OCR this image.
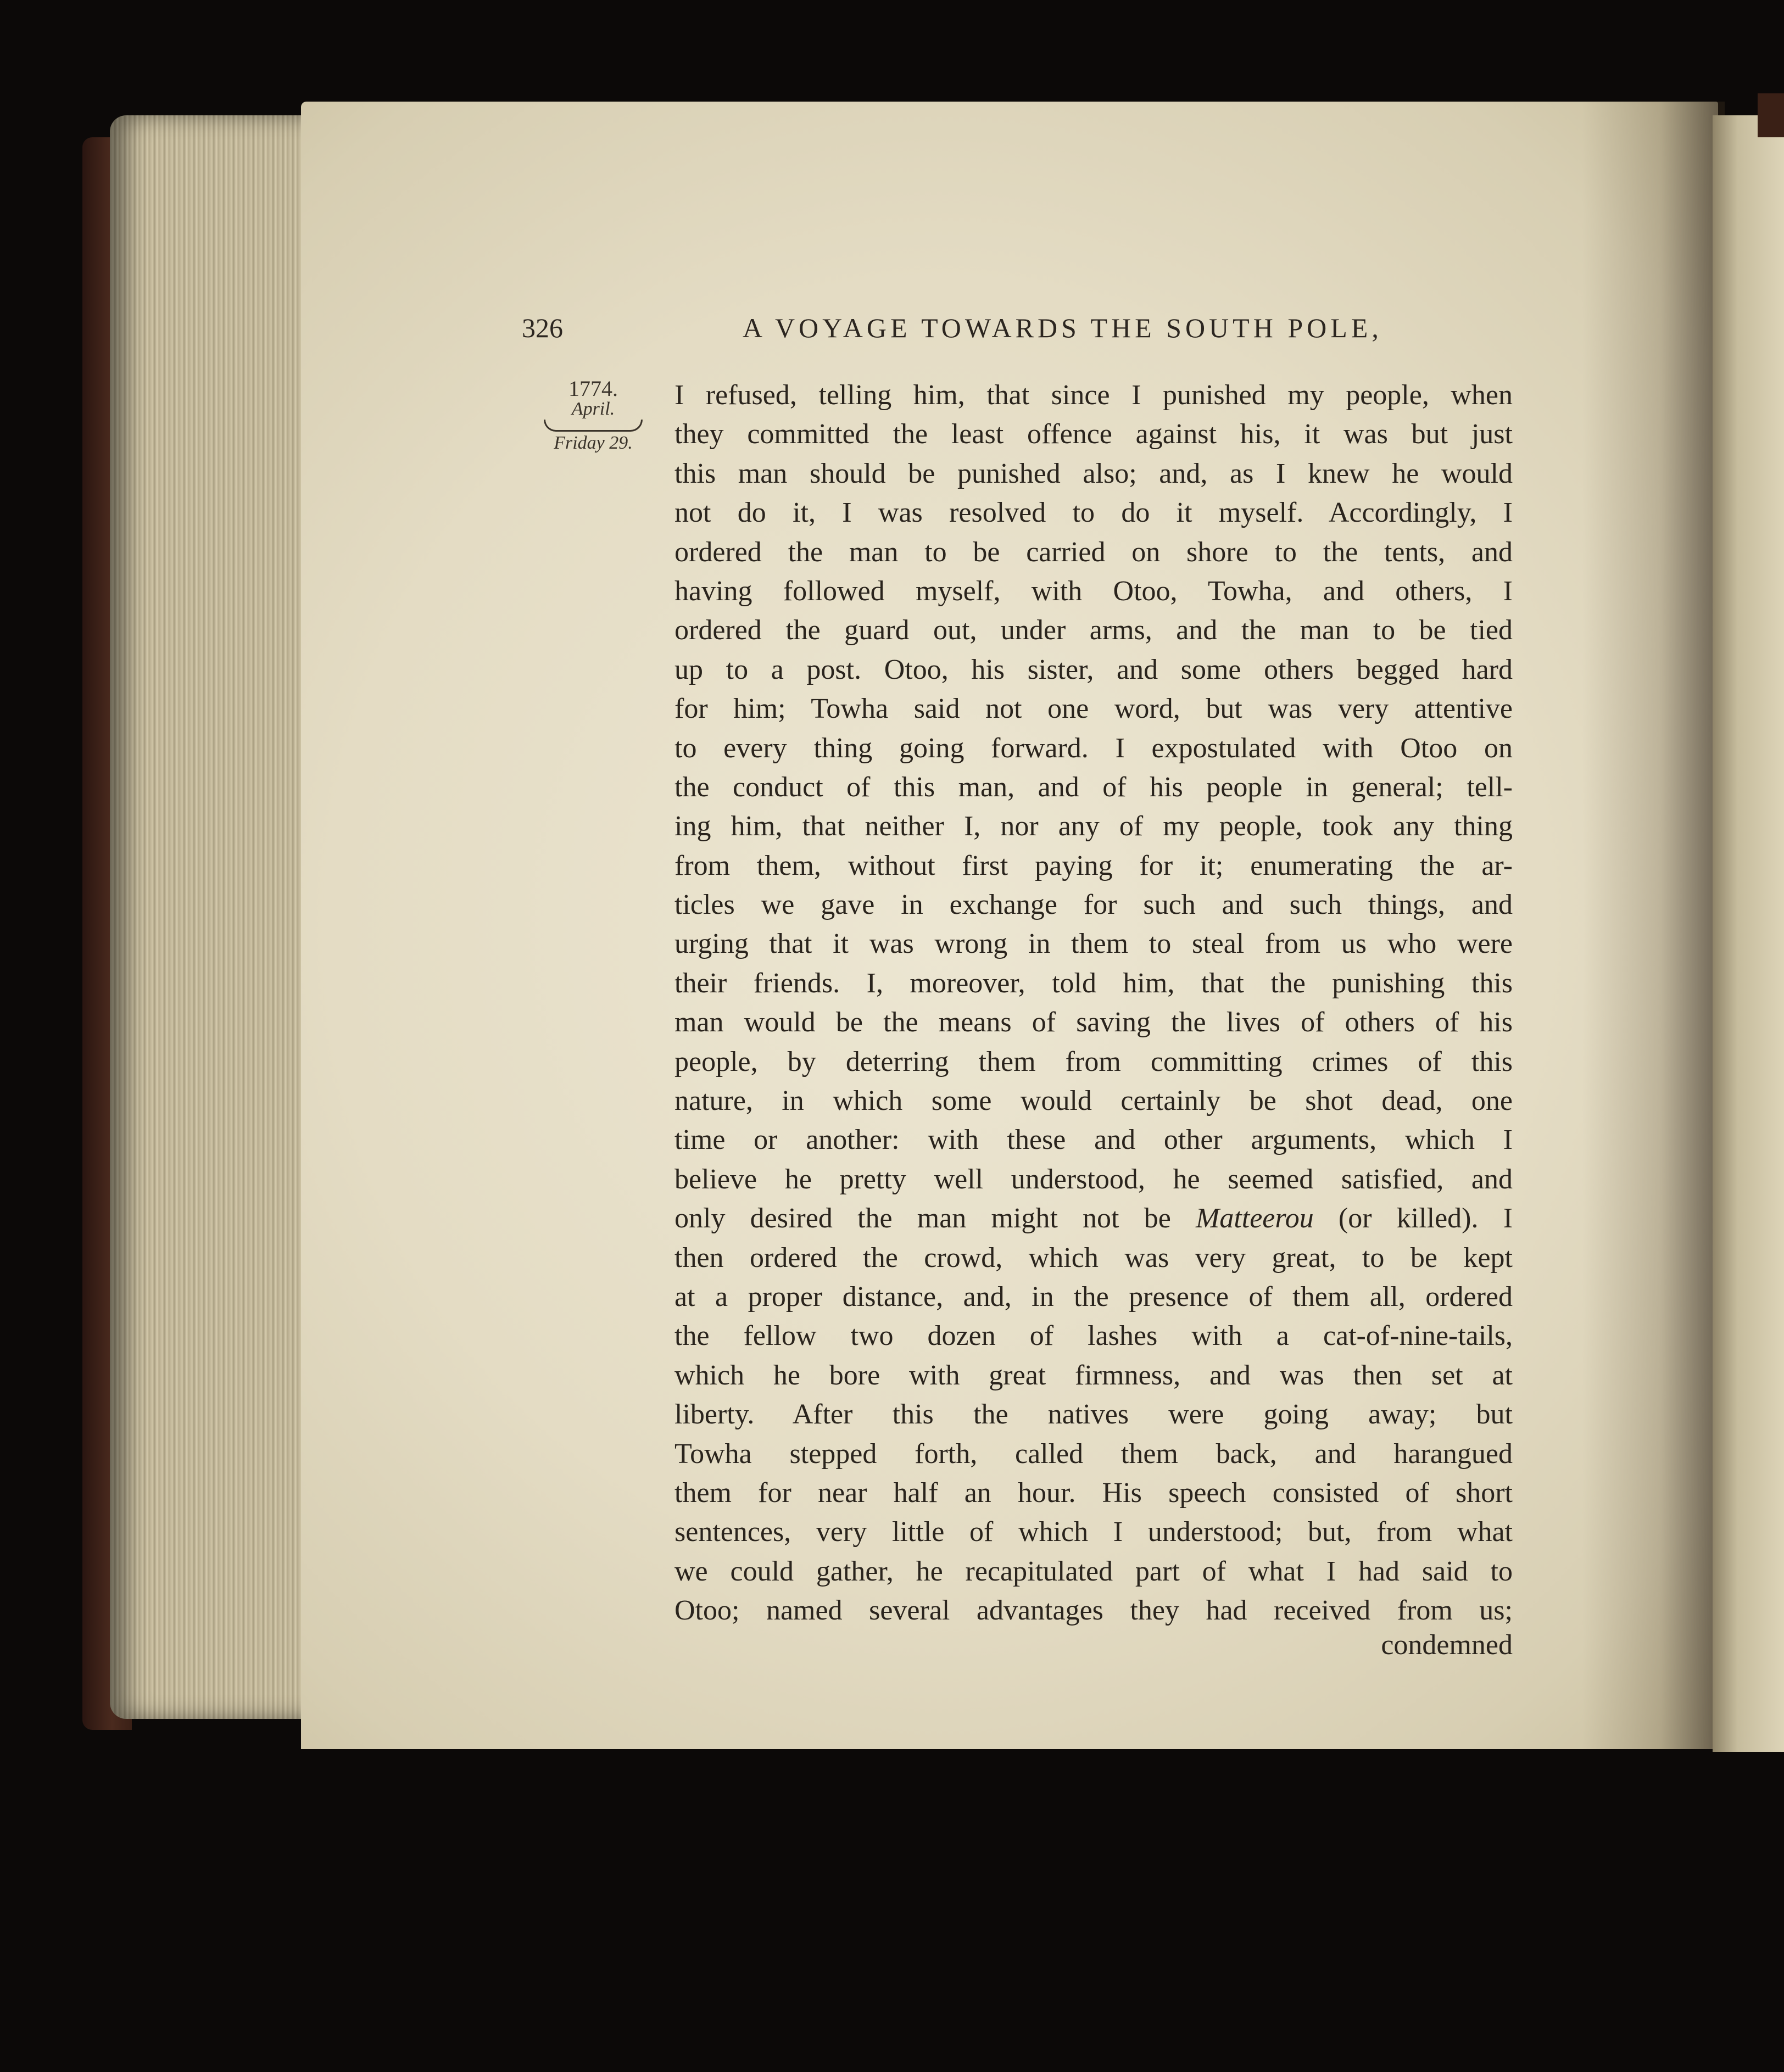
326	A VOYAGE TOWARDS THE SOUTH POLE,
1774.
April.
Friday 29.
I refused, telling him, that since I punished my people, when
they committed the least offence against his, it was but just
this man should be punished also; and, as I knew he would
not do it, I was resolved to do it myself. Accordingly, I
ordered the man to be carried on shore to the tents, and
having followed myself, with Otoo, Towha, and others, I
ordered the guard out, under arms, and the man to be tied
up to a post. Otoo, his sister, and some others begged hard
for him; Towha said not one word, but was very attentive
to every thing going forward. I expostulated with Otoo on
the conduct of this man, and of his people in general; tell-
ing him, that neither I, nor any of my people, took any thing
from them, without first paying for it; enumerating the ar-
ticles we gave in exchange for such and such things, and
urging that it was wrong in them to steal from us who were
their friends. I, moreover, told him, that the punishing this
man would be the means of saving the lives of others of his
people, by deterring them from committing crimes of this
nature, in which some would certainly be shot dead, one
time or another: with these and other arguments, which I
believe he pretty well understood, he seemed satisfied, and
only desired the man might not be Matteerou (or killed). I
then ordered the crowd, which was very great, to be kept
at a proper distance, and, in the presence of them all, ordered
the fellow two dozen of lashes with a cat-of-nine-tails,
which he bore with great firmness, and was then set at
liberty. After this the natives were going away; but
Towha stepped forth, called them back, and harangued
them for near half an hour. His speech consisted of short
sentences, very little of which I understood; but, from what
we could gather, he recapitulated part of what I had said to
Otoo; named several advantages they had received from us;
condemned
